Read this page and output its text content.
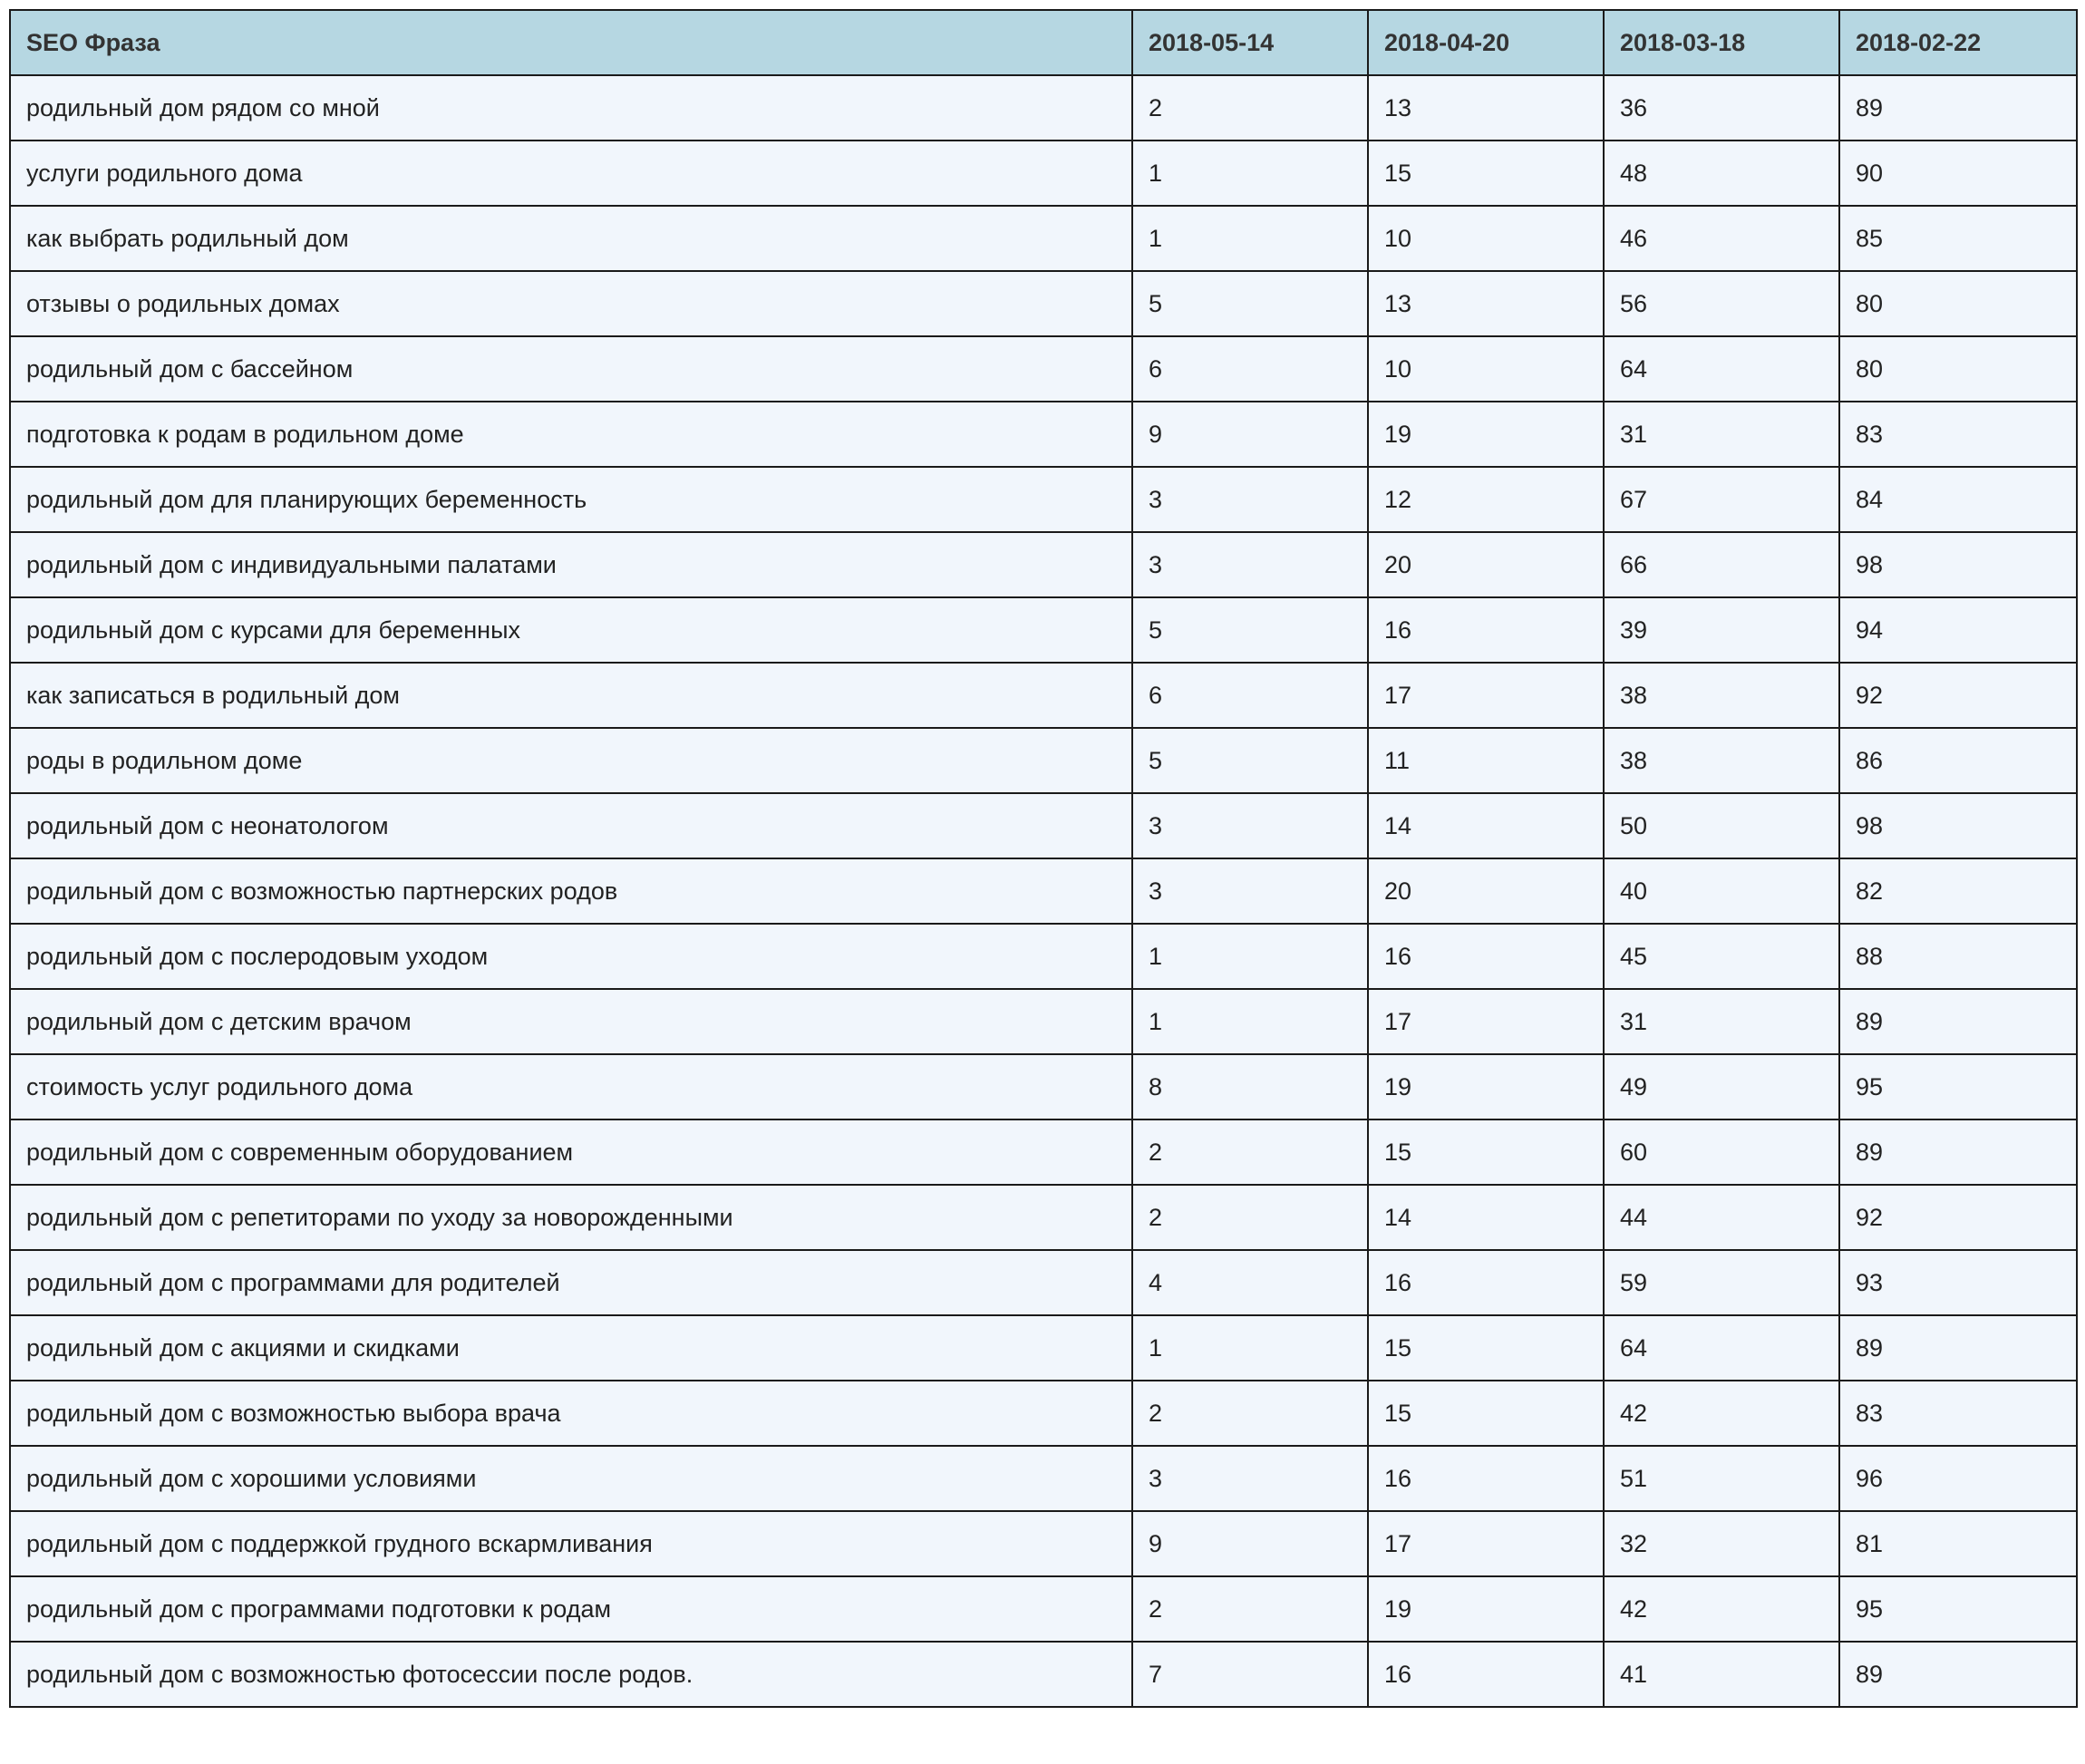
SEO Фраза	2018-05-14	2018-04-20	2018-03-18	2018-02-22
родильный дом рядом со мной	2	13	36	89
услуги родильного дома	1	15	48	90
как выбрать родильный дом	1	10	46	85
отзывы о родильных домах	5	13	56	80
родильный дом с бассейном	6	10	64	80
подготовка к родам в родильном доме	9	19	31	83
родильный дом для планирующих беременность	3	12	67	84
родильный дом с индивидуальными палатами	3	20	66	98
родильный дом с курсами для беременных	5	16	39	94
как записаться в родильный дом	6	17	38	92
роды в родильном доме	5	11	38	86
родильный дом с неонатологом	3	14	50	98
родильный дом с возможностью партнерских родов	3	20	40	82
родильный дом с послеродовым уходом	1	16	45	88
родильный дом с детским врачом	1	17	31	89
стоимость услуг родильного дома	8	19	49	95
родильный дом с современным оборудованием	2	15	60	89
родильный дом с репетиторами по уходу за новорожденными	2	14	44	92
родильный дом с программами для родителей	4	16	59	93
родильный дом с акциями и скидками	1	15	64	89
родильный дом с возможностью выбора врача	2	15	42	83
родильный дом с хорошими условиями	3	16	51	96
родильный дом с поддержкой грудного вскармливания	9	17	32	81
родильный дом с программами подготовки к родам	2	19	42	95
родильный дом с возможностью фотосессии после родов.	7	16	41	89
